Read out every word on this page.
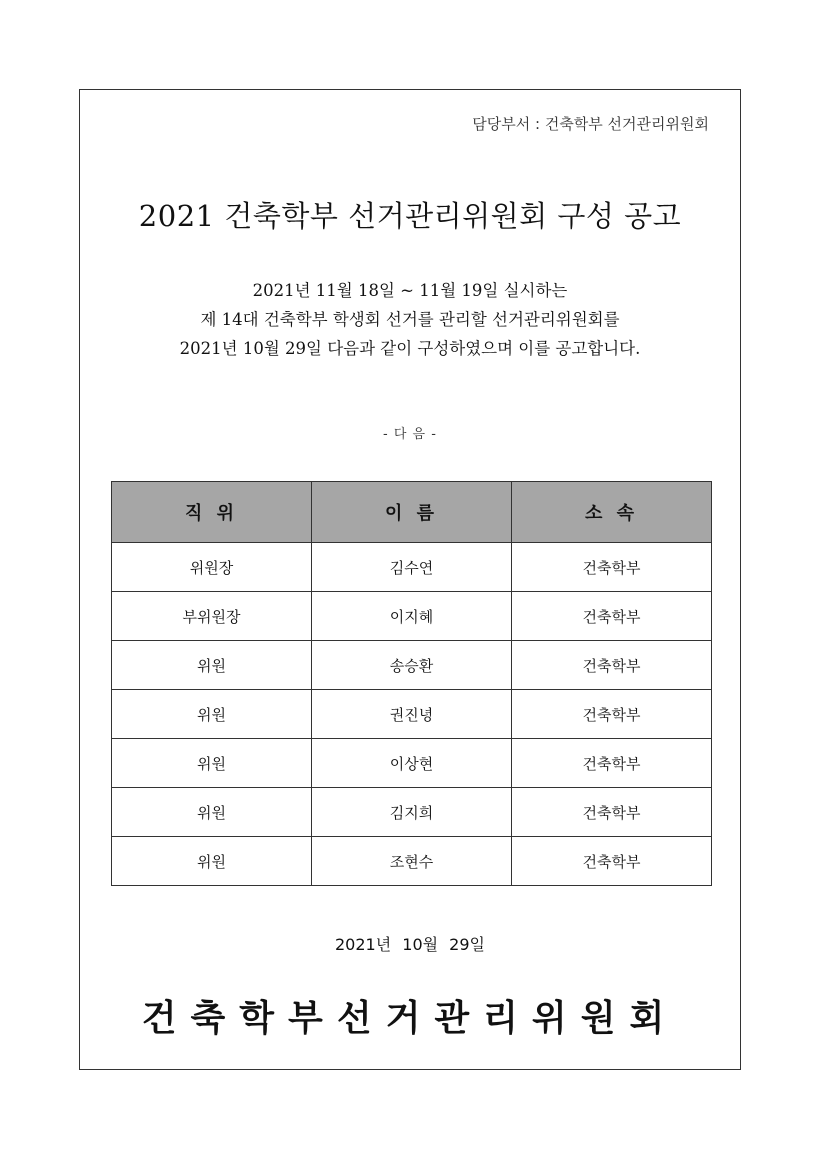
담당부서 : 건축학부 선거관리위원회
2021 건축학부 선거관리위원회 구성 공고
2021년 11월 18일 ~ 11월 19일 실시하는
제 14대 건축학부 학생회 선거를 관리할 선거관리위원회를
2021년 10월 29일 다음과 같이 구성하였으며 이를 공고합니다.
- 다 음 -
직 위	이 름	소 속
위원장	김수연	건축학부
부위원장	이지혜	건축학부
위원	송승환	건축학부
위원	권진녕	건축학부
위원	이상현	건축학부
위원	김지희	건축학부
위원	조현수	건축학부
2021년 10월 29일
건축학부선거관리위원회
